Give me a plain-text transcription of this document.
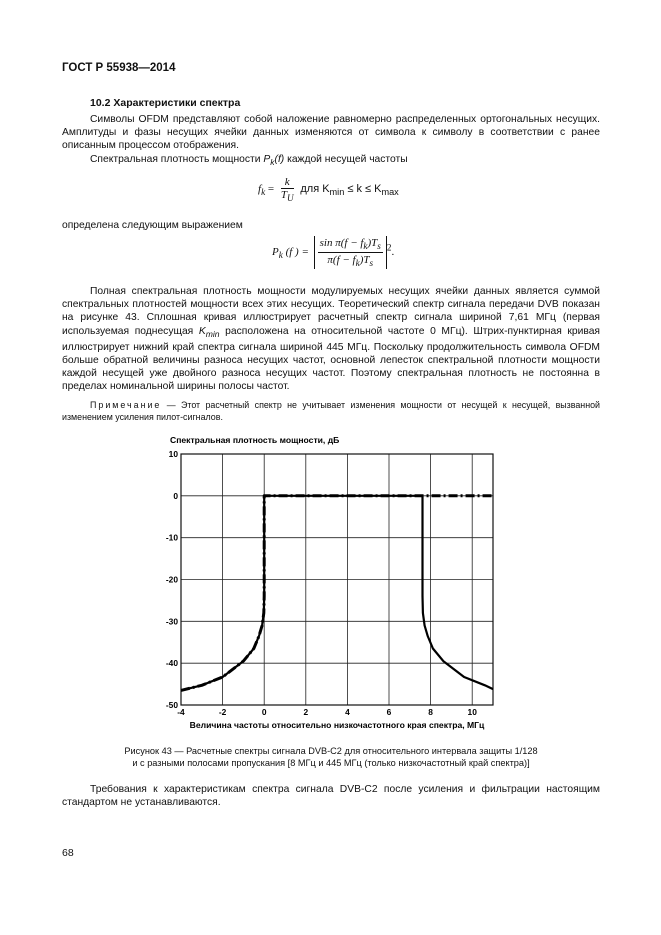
ГОСТ Р 55938—2014
10.2 Характеристики спектра

Символы OFDM представляют собой наложение равномерно распределенных ортогональных несущих. Амплитуды и фазы несущих ячейки данных изменяются от символа к символу в соответствии с ранее описанным процессом отображения.

Спектральная плотность мощности $P_k(f)$ каждой несущей частоты

$f_k = \frac{k}{T_U}$ для $K_{min} \le k \le K_{max}$

определена следующим выражением

$P_k$ (f ) = $\frac{\sin \pi(f - f_k)T_s}{\pi(f - f_k)T_s} ^2$.

Полная спектральная плотность мощности модулируемых несущих ячейки данных является суммой спектральных плотностей мощности всех этих несущих. Теоретический спектр сигнала передачи DVB показан на рисунке 43. Сплошная кривая иллюстрирует расчетный спектр сигнала шириной 7,61 МГц (первая используемая поднесущая $K_{min}$ расположена на относительной частоте 0 МГц). Штрих-пунктирная кривая иллюстрирует нижний край спектра сигнала шириной 445 МГц. Поскольку продолжительность символа OFDM больше обратной величины разноса несущих частот, основной лепесток спектральной плотности мощности каждой несущей уже двойного разноса несущих частот. Поэтому спектральная плотность не постоянна в пределах номинальной ширины полосы частот.

Примечание — Этот расчетный спектр не учитывает изменения мощности от несущей к несущей, вызванной изменением усиления пилот-сигналов.
Спектральная плотность мощности, дБ
10
0
-10
-20
-30
-40
-50
-4	-2	0	2	4	6	8	10
Величина частоты относительно низкочастотного края спектра, МГц
Рисунок 43 — Расчетные спектры сигнала DVB-C2 для относительного интервала защиты 1/128
и с разными полосами пропускания [8 МГц и 445 МГц (только низкочастотный край спектра)]

Требования к характеристикам спектра сигнала DVB-C2 после усиления и фильтрации настоящим стандартом не устанавливаются.

68
